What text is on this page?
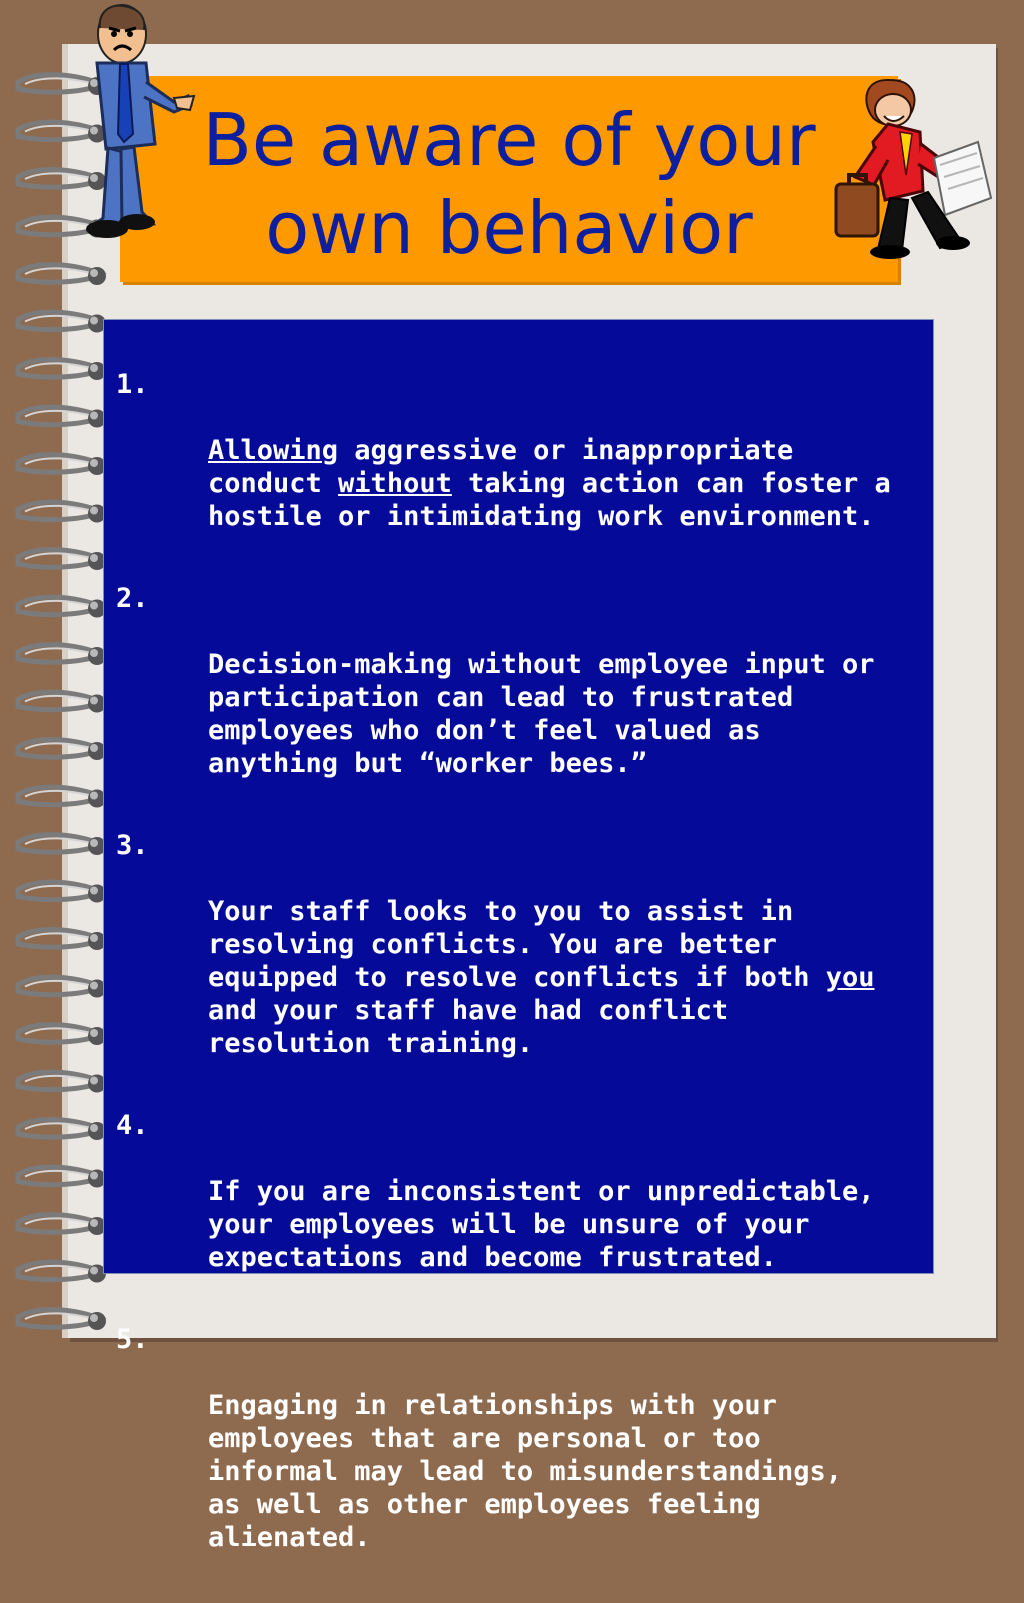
Be aware of your own behavior

1.

Allowing aggressive or inappropriate
conduct without taking action can foster a
hostile or intimidating work environment.

2.

Decision-making without employee input or
participation can lead to frustrated
employees who don’t feel valued as
anything but “worker bees.”

3.

Your staff looks to you to assist in
resolving conflicts. You are better
equipped to resolve conflicts if both you
and your staff have had conflict
resolution training.

4.

If you are inconsistent or unpredictable,
your employees will be unsure of your
expectations and become frustrated.

5.

Engaging in relationships with your
employees that are personal or too
informal may lead to misunderstandings,
as well as other employees feeling
alienated.
